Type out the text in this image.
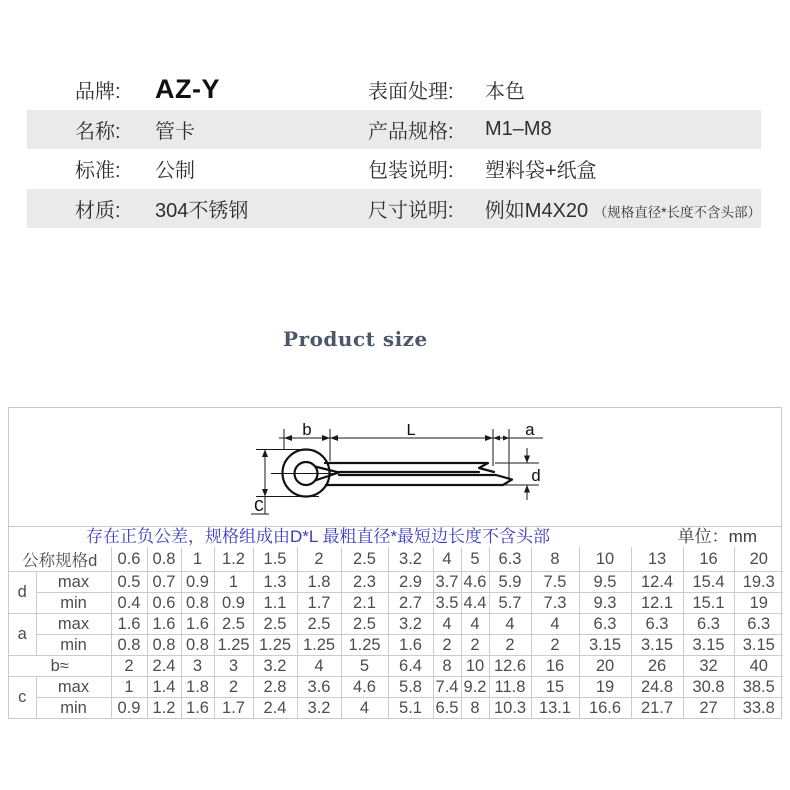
品牌:	AZ-Y	表面处理:	本色
名称:	管卡	产品规格:	M1–M8
标准:	公制	包装说明:	塑料袋+纸盒
材质:	304不锈钢	尺寸说明:	例如M4X20 （规格直径*长度不含头部）
Product size
b	L	a
d
C
存在正负公差，规格组成由D*L 最粗直径*最短边长度不含头部	单位：mm
公称规格d		0.6	0.8	1	1.2	1.5	2	2.5	3.2	4	5	6.3	8	10	13	16	20
d	max	0.5	0.7	0.9	1	1.3	1.8	2.3	2.9	3.7	4.6	5.9	7.5	9.5	12.4	15.4	19.3
	min	0.4	0.6	0.8	0.9	1.1	1.7	2.1	2.7	3.5	4.4	5.7	7.3	9.3	12.1	15.1	19
a	max	1.6	1.6	1.6	2.5	2.5	2.5	2.5	3.2	4	4	4	4	6.3	6.3	6.3	6.3
	min	0.8	0.8	0.8	1.25	1.25	1.25	1.25	1.6	2	2	2	2	3.15	3.15	3.15	3.15
b≈		2	2.4	3	3	3.2	4	5	6.4	8	10	12.6	16	20	26	32	40
c	max	1	1.4	1.8	2	2.8	3.6	4.6	5.8	7.4	9.2	11.8	15	19	24.8	30.8	38.5
	min	0.9	1.2	1.6	1.7	2.4	3.2	4	5.1	6.5	8	10.3	13.1	16.6	21.7	27	33.8
